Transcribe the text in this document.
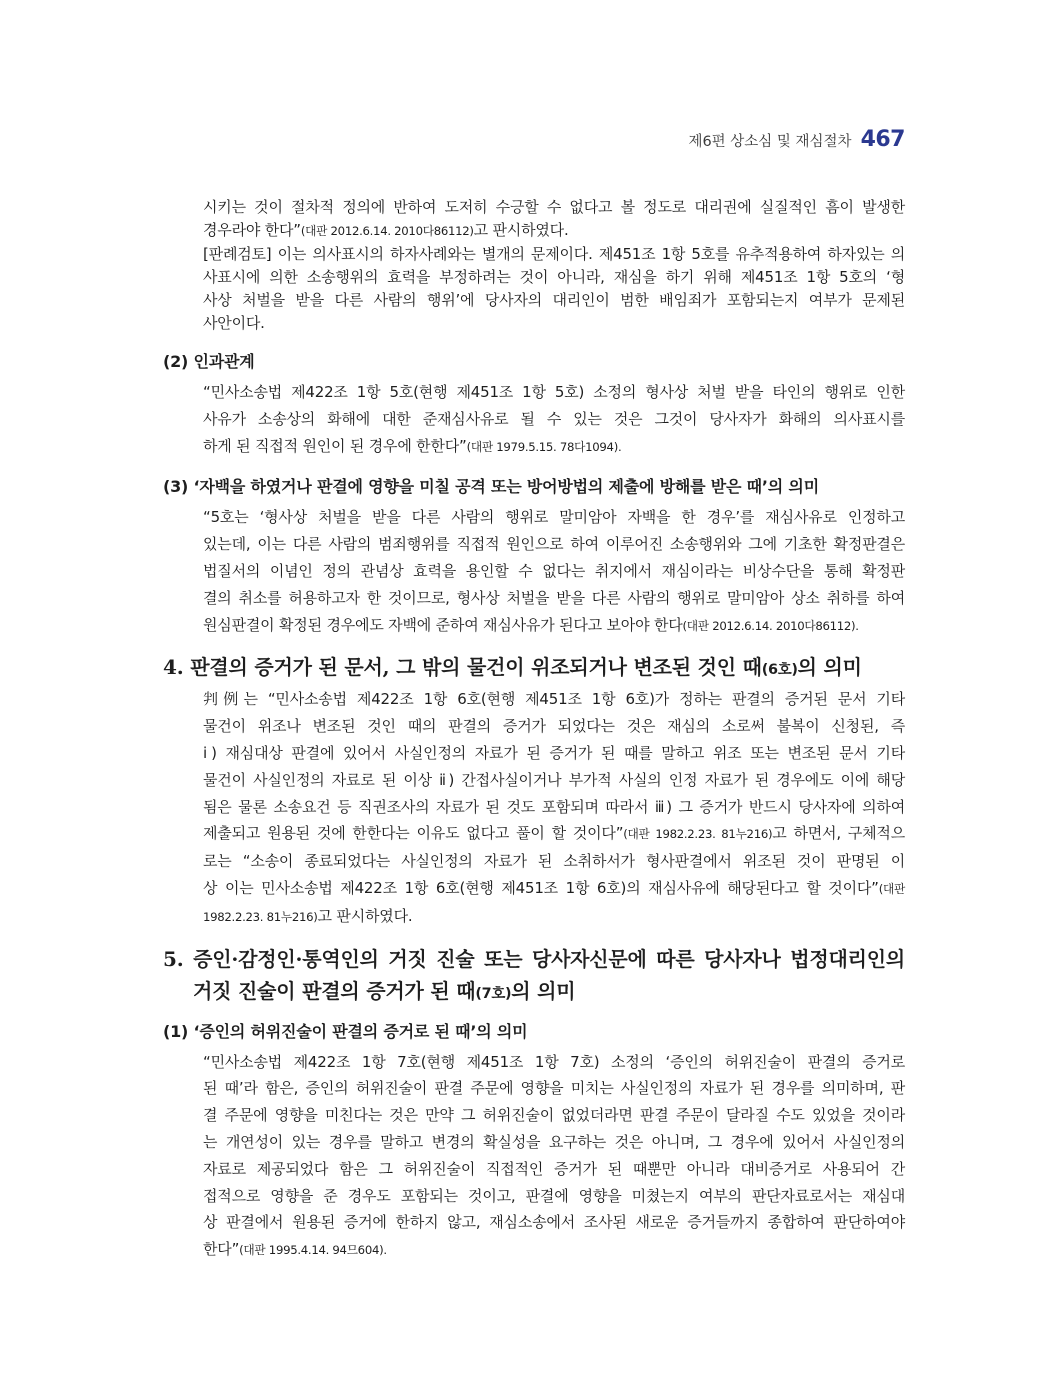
제6편 상소심 및 재심절차 467
시키는 것이 절차적 정의에 반하여 도저히 수긍할 수 없다고 볼 정도로 대리권에 실질적인 흠이 발생한
경우라야 한다”(대판 2012.6.14. 2010다86112)고 판시하였다.
[판례검토] 이는 의사표시의 하자사례와는 별개의 문제이다. 제451조 1항 5호를 유추적용하여 하자있는 의
사표시에 의한 소송행위의 효력을 부정하려는 것이 아니라, 재심을 하기 위해 제451조 1항 5호의 ‘형
사상 처벌을 받을 다른 사람의 행위’에 당사자의 대리인이 범한 배임죄가 포함되는지 여부가 문제된
사안이다.
(2) 인과관계
“민사소송법 제422조 1항 5호(현행 제451조 1항 5호) 소정의 형사상 처벌 받을 타인의 행위로 인한
사유가 소송상의 화해에 대한 준재심사유로 될 수 있는 것은 그것이 당사자가 화해의 의사표시를
하게 된 직접적 원인이 된 경우에 한한다”(대판 1979.5.15. 78다1094).
(3) ‘자백을 하였거나 판결에 영향을 미칠 공격 또는 방어방법의 제출에 방해를 받은 때’의 의미
“5호는 ‘형사상 처벌을 받을 다른 사람의 행위로 말미암아 자백을 한 경우’를 재심사유로 인정하고
있는데, 이는 다른 사람의 범죄행위를 직접적 원인으로 하여 이루어진 소송행위와 그에 기초한 확정판결은
법질서의 이념인 정의 관념상 효력을 용인할 수 없다는 취지에서 재심이라는 비상수단을 통해 확정판
결의 취소를 허용하고자 한 것이므로, 형사상 처벌을 받을 다른 사람의 행위로 말미암아 상소 취하를 하여
원심판결이 확정된 경우에도 자백에 준하여 재심사유가 된다고 보아야 한다(대판 2012.6.14. 2010다86112).
4. 판결의 증거가 된 문서, 그 밖의 물건이 위조되거나 변조된 것인 때(6호)의 의미
判例는 “민사소송법 제422조 1항 6호(현행 제451조 1항 6호)가 정하는 판결의 증거된 문서 기타
물건이 위조나 변조된 것인 때의 판결의 증거가 되었다는 것은 재심의 소로써 불복이 신청된, 즉
ⅰ) 재심대상 판결에 있어서 사실인정의 자료가 된 증거가 된 때를 말하고 위조 또는 변조된 문서 기타
물건이 사실인정의 자료로 된 이상 ⅱ) 간접사실이거나 부가적 사실의 인정 자료가 된 경우에도 이에 해당
됨은 물론 소송요건 등 직권조사의 자료가 된 것도 포함되며 따라서 ⅲ) 그 증거가 반드시 당사자에 의하여
제출되고 원용된 것에 한한다는 이유도 없다고 풀이 할 것이다”(대판 1982.2.23. 81누216)고 하면서, 구체적으
로는 “소송이 종료되었다는 사실인정의 자료가 된 소취하서가 형사판결에서 위조된 것이 판명된 이
상 이는 민사소송법 제422조 1항 6호(현행 제451조 1항 6호)의 재심사유에 해당된다고 할 것이다”(대판
1982.2.23. 81누216)고 판시하였다.
5. 증인·감정인·통역인의 거짓 진술 또는 당사자신문에 따른 당사자나 법정대리인의
거짓 진술이 판결의 증거가 된 때(7호)의 의미
(1) ‘증인의 허위진술이 판결의 증거로 된 때’의 의미
“민사소송법 제422조 1항 7호(현행 제451조 1항 7호) 소정의 ‘증인의 허위진술이 판결의 증거로
된 때’라 함은, 증인의 허위진술이 판결 주문에 영향을 미치는 사실인정의 자료가 된 경우를 의미하며, 판
결 주문에 영향을 미친다는 것은 만약 그 허위진술이 없었더라면 판결 주문이 달라질 수도 있었을 것이라
는 개연성이 있는 경우를 말하고 변경의 확실성을 요구하는 것은 아니며, 그 경우에 있어서 사실인정의
자료로 제공되었다 함은 그 허위진술이 직접적인 증거가 된 때뿐만 아니라 대비증거로 사용되어 간
접적으로 영향을 준 경우도 포함되는 것이고, 판결에 영향을 미쳤는지 여부의 판단자료로서는 재심대
상 판결에서 원용된 증거에 한하지 않고, 재심소송에서 조사된 새로운 증거들까지 종합하여 판단하여야
한다”(대판 1995.4.14. 94므604).
